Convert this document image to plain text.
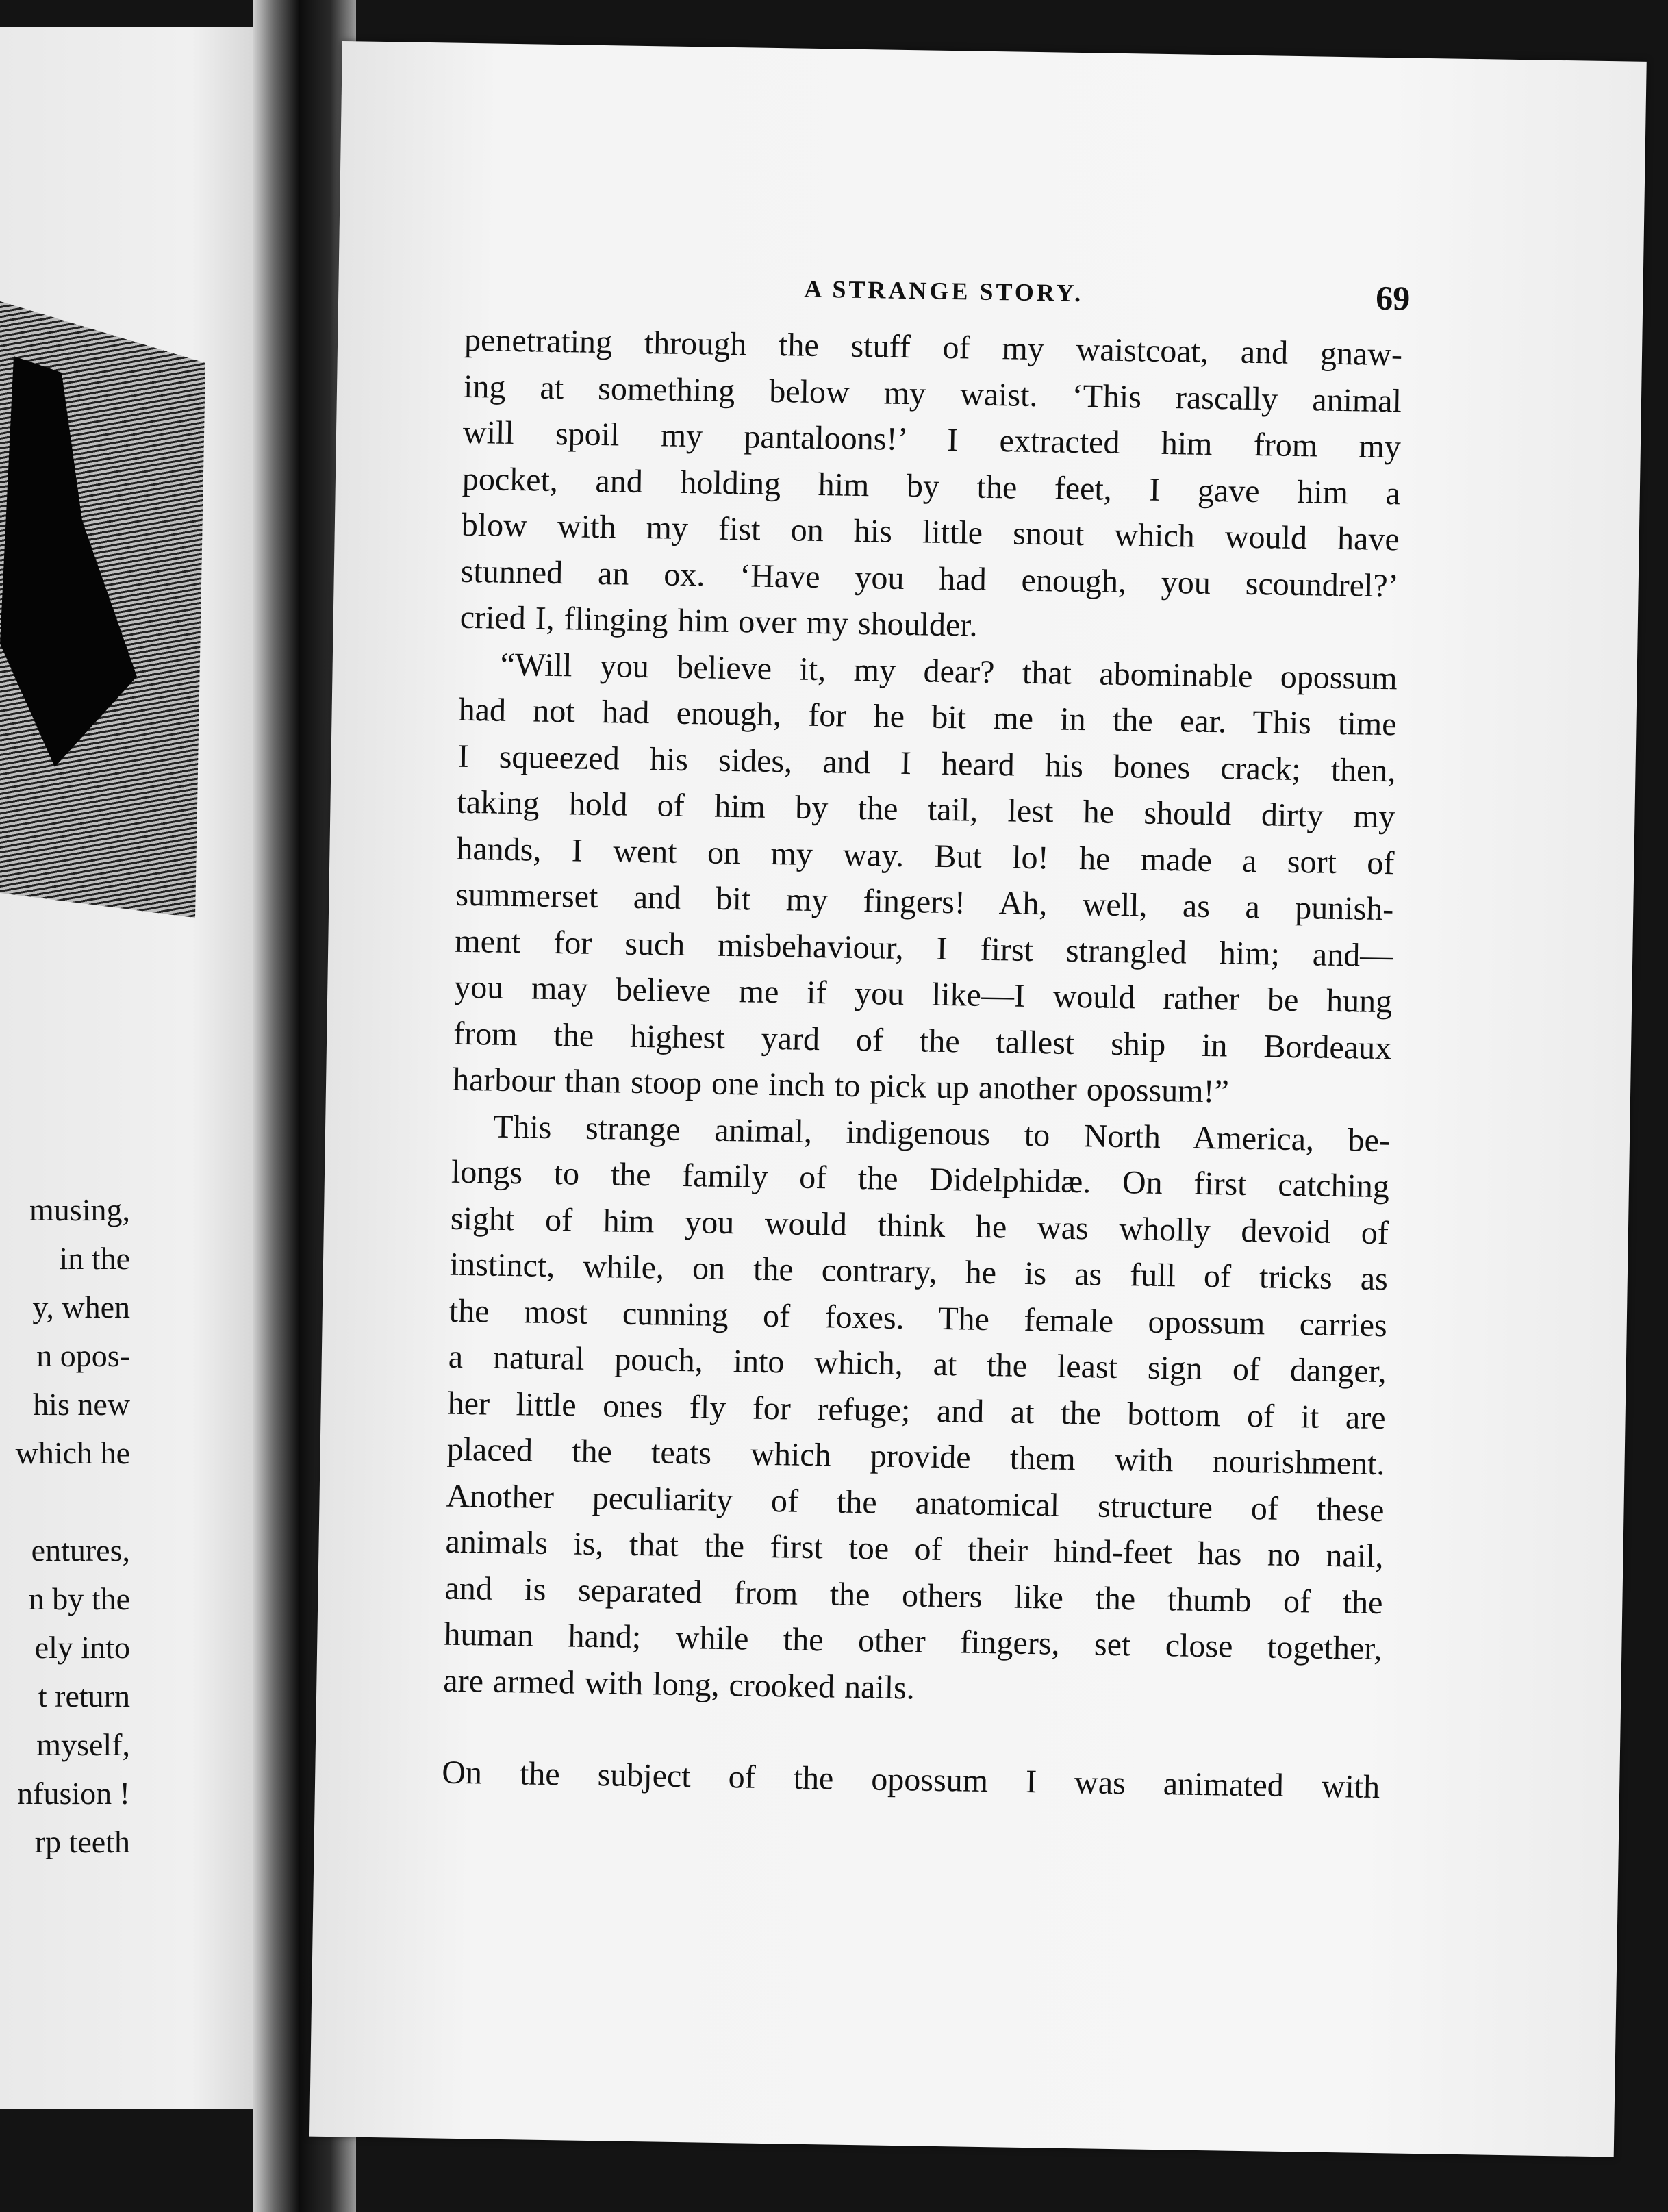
musing,
in the
y, when
n opos-
his new
which he
entures,
n by the
ely into
t return
myself,
nfusion !
rp teeth
A STRANGE STORY.	69
penetrating through the stuff of my waistcoat, and gnaw-
ing at something below my waist. ‘This rascally animal
will spoil my pantaloons!’ I extracted him from my
pocket, and holding him by the feet, I gave him a
blow with my fist on his little snout which would have
stunned an ox. ‘Have you had enough, you scoundrel?’
cried I, flinging him over my shoulder.
“Will you believe it, my dear? that abominable opossum
had not had enough, for he bit me in the ear. This time
I squeezed his sides, and I heard his bones crack; then,
taking hold of him by the tail, lest he should dirty my
hands, I went on my way. But lo! he made a sort of
summerset and bit my fingers! Ah, well, as a punish-
ment for such misbehaviour, I first strangled him; and—
you may believe me if you like—I would rather be hung
from the highest yard of the tallest ship in Bordeaux
harbour than stoop one inch to pick up another opossum!”
This strange animal, indigenous to North America, be-
longs to the family of the Didelphidæ. On first catching
sight of him you would think he was wholly devoid of
instinct, while, on the contrary, he is as full of tricks as
the most cunning of foxes. The female opossum carries
a natural pouch, into which, at the least sign of danger,
her little ones fly for refuge; and at the bottom of it are
placed the teats which provide them with nourishment.
Another peculiarity of the anatomical structure of these
animals is, that the first toe of their hind-feet has no nail,
and is separated from the others like the thumb of the
human hand; while the other fingers, set close together,
are armed with long, crooked nails.
On the subject of the opossum I was animated with
